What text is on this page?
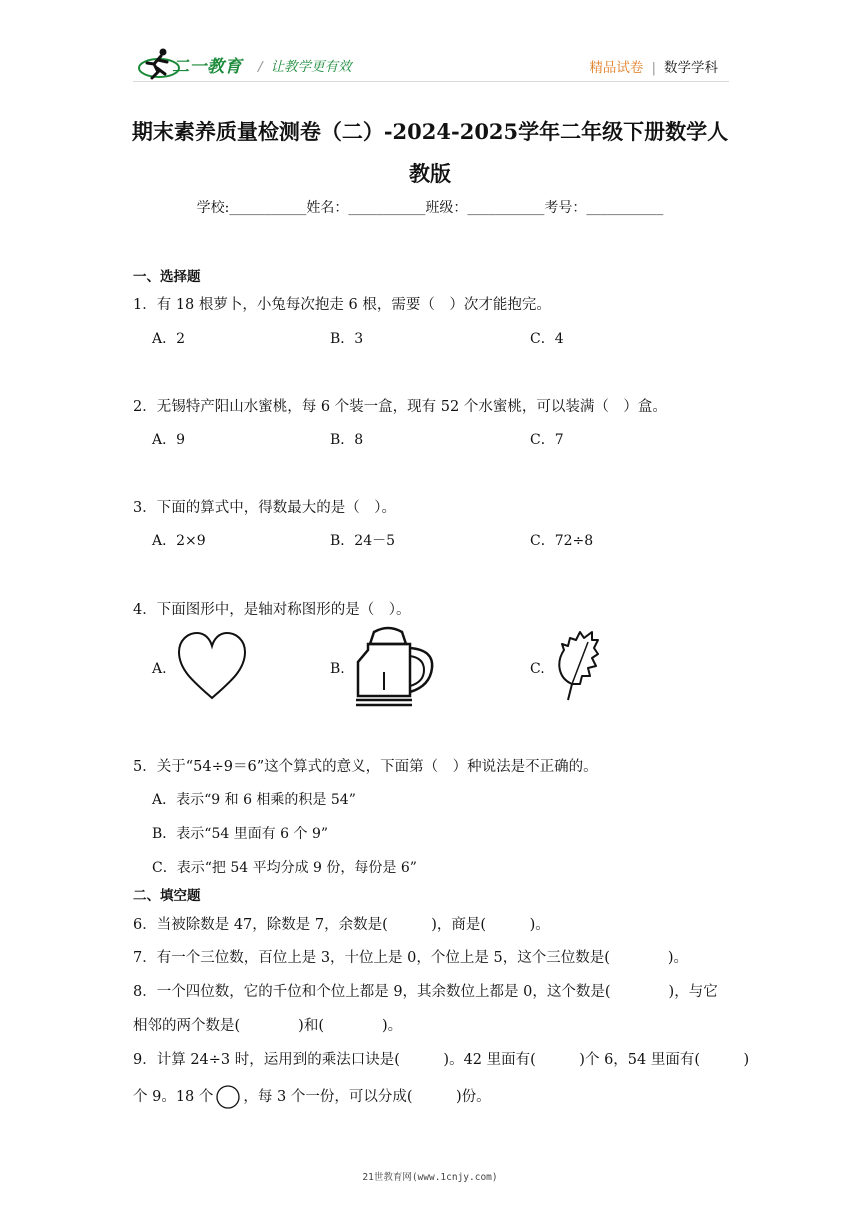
二一教育 / 让教学更有效	精品试卷 | 数学学科
期末素养质量检测卷（二）-2024-2025学年二年级下册数学人
教版
学校:___________姓名：___________班级：___________考号：___________
一、选择题
1．有 18 根萝卜，小兔每次抱走 6 根，需要（　）次才能抱完。
A．2	B．3	C．4
2．无锡特产阳山水蜜桃，每 6 个装一盒，现有 52 个水蜜桃，可以装满（　）盒。
A．9	B．8	C．7
3．下面的算式中，得数最大的是（　）。
A．2×9	B．24－5	C．72÷8
4．下面图形中，是轴对称图形的是（　）。
A.	B.	C.
5．关于“54÷9＝6”这个算式的意义，下面第（　）种说法是不正确的。
A．表示“9 和 6 相乘的积是 54”
B．表示“54 里面有 6 个 9”
C．表示“把 54 平均分成 9 份，每份是 6”
二、填空题
6．当被除数是 47，除数是 7，余数是(　　　)，商是(　　　)。
7．有一个三位数，百位上是 3，十位上是 0，个位上是 5，这个三位数是(　　　　)。
8．一个四位数，它的千位和个位上都是 9，其余数位上都是 0，这个数是(　　　　)，与它
相邻的两个数是(　　　　)和(　　　　)。
9．计算 24÷3 时，运用到的乘法口诀是(　　　)。42 里面有(　　　)个 6，54 里面有(　　　)
个 9。18 个 ，每 3 个一份，可以分成(　　　)份。
21世教育网(www.1cnjy.com)
